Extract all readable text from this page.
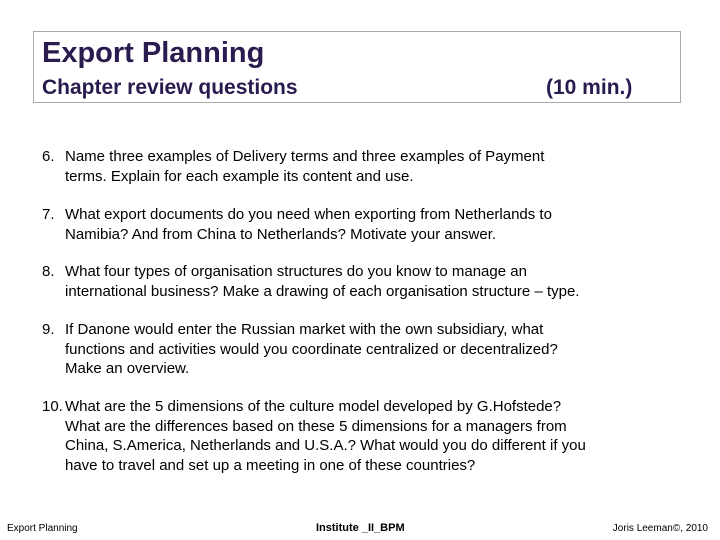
Export Planning
Chapter review questions	(10 min.)
6. Name three examples of Delivery terms and three examples of Payment
terms. Explain for each example its content and use.
7. What export documents do you need when exporting from Netherlands to
Namibia? And from China to Netherlands? Motivate your answer.
8. What four types of organisation structures do you know to manage an
international business? Make a drawing of each organisation structure – type.
9. If Danone would enter the Russian market with the own subsidiary, what
functions and activities would you coordinate centralized or decentralized?
Make an overview.
10. What are the 5 dimensions of the culture model developed by G.Hofstede?
What are the differences based on these 5 dimensions for a managers from
China, S.America, Netherlands and U.S.A.? What would you do different if you
have to travel and set up a meeting in one of these countries?
Export Planning	Institute _II_BPM	Joris Leeman©, 2010
